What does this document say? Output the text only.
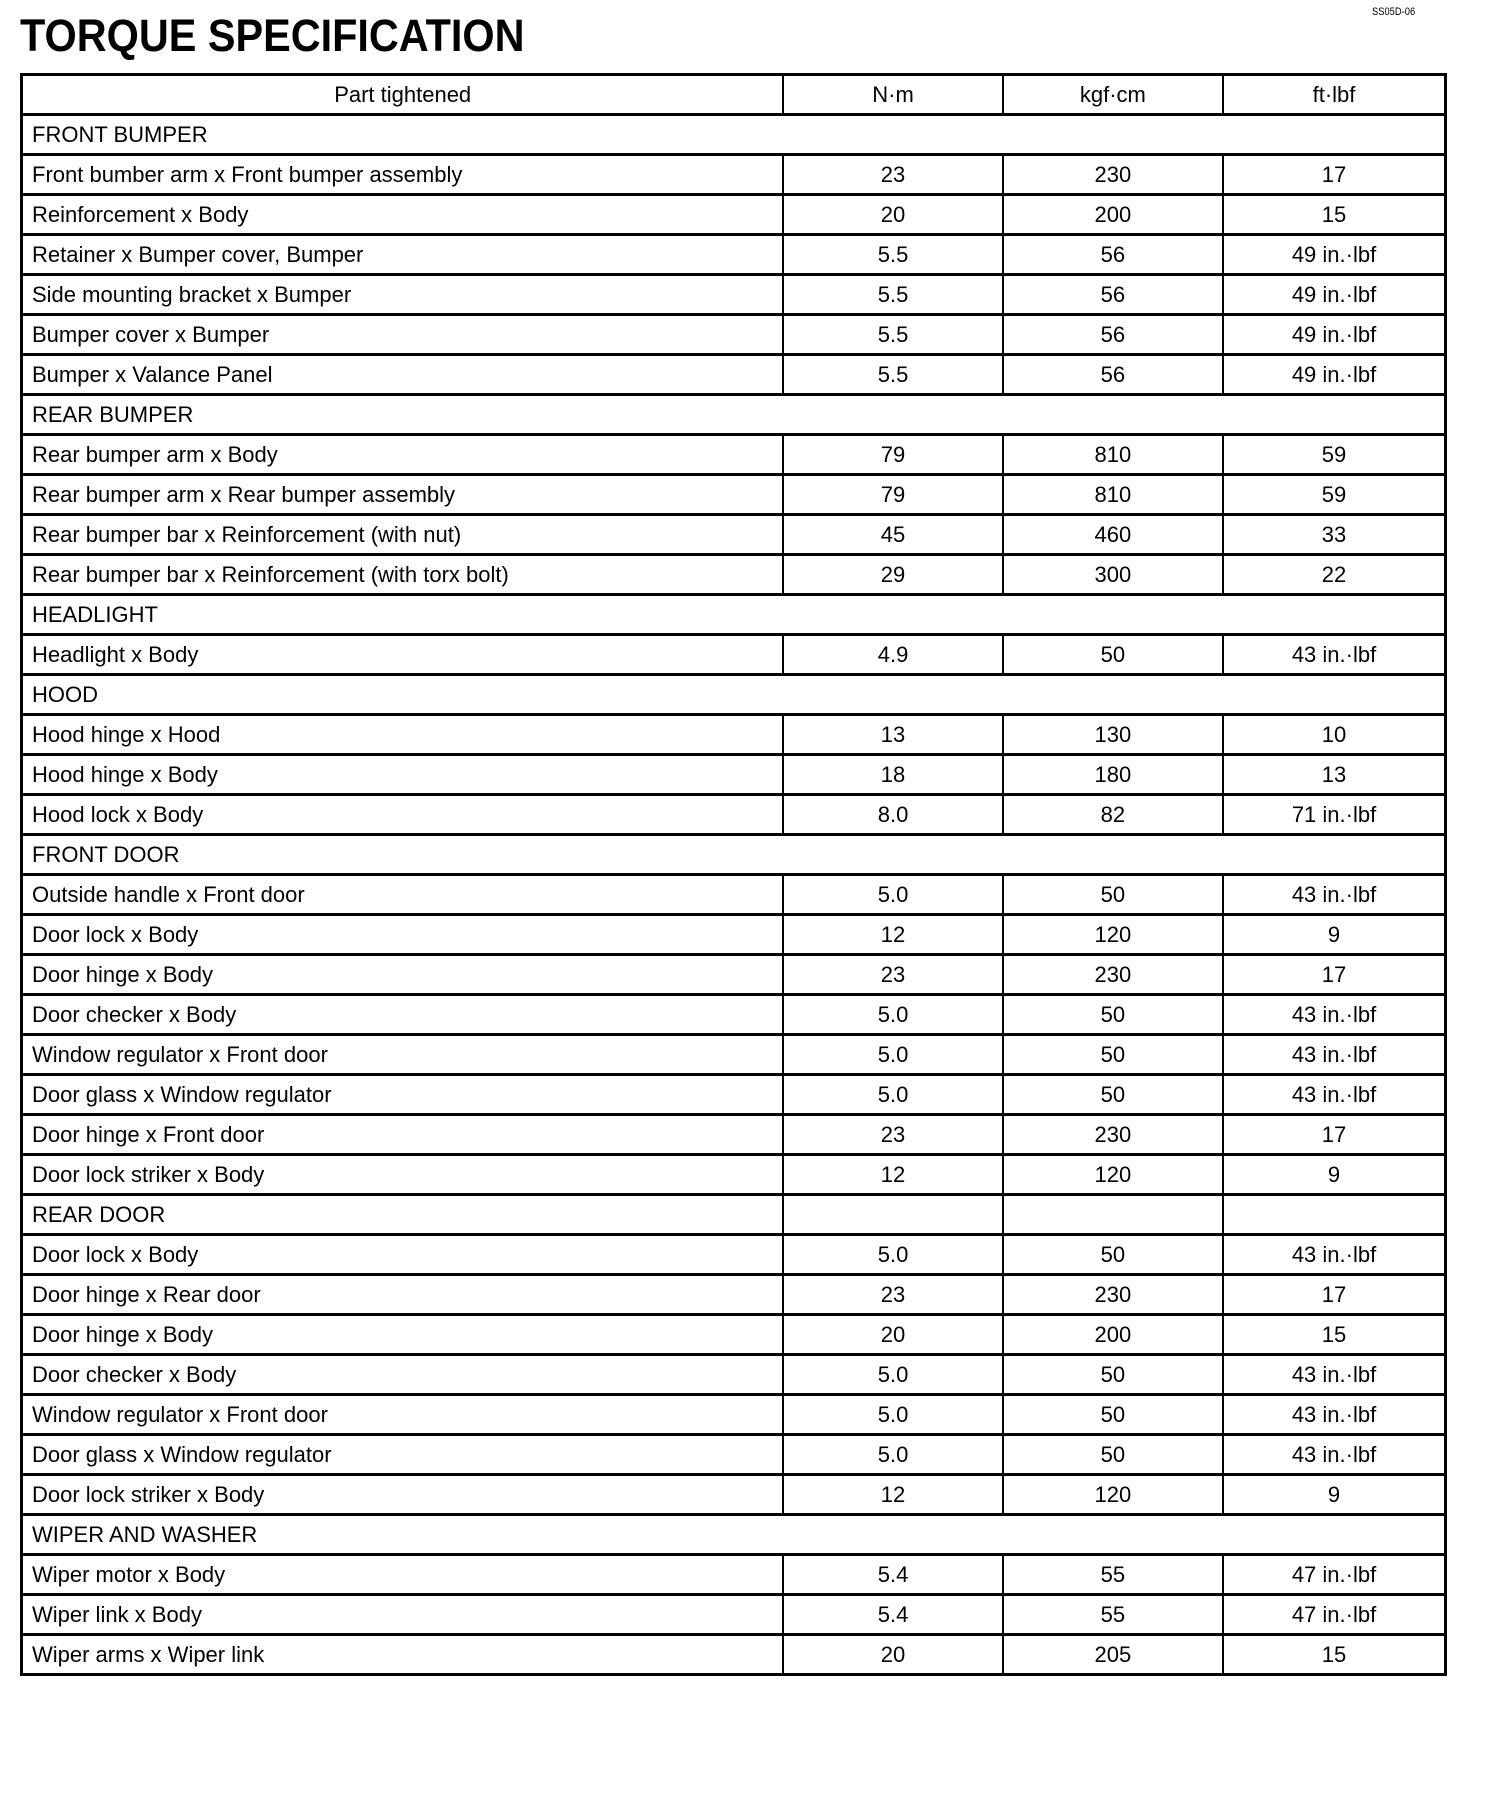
SS05D-06
TORQUE SPECIFICATION
Part tightened	N·m	kgf·cm	ft·lbf
FRONT BUMPER			
Front bumber arm x Front bumper assembly	23	230	17
Reinforcement x Body	20	200	15
Retainer x Bumper cover, Bumper	5.5	56	49 in.·lbf
Side mounting bracket x Bumper	5.5	56	49 in.·lbf
Bumper cover x Bumper	5.5	56	49 in.·lbf
Bumper x Valance Panel	5.5	56	49 in.·lbf
REAR BUMPER			
Rear bumper arm x Body	79	810	59
Rear bumper arm x Rear bumper assembly	79	810	59
Rear bumper bar x Reinforcement (with nut)	45	460	33
Rear bumper bar x Reinforcement (with torx bolt)	29	300	22
HEADLIGHT			
Headlight x Body	4.9	50	43 in.·lbf
HOOD			
Hood hinge x Hood	13	130	10
Hood hinge x Body	18	180	13
Hood lock x Body	8.0	82	71 in.·lbf
FRONT DOOR			
Outside handle x Front door	5.0	50	43 in.·lbf
Door lock x Body	12	120	9
Door hinge x Body	23	230	17
Door checker x Body	5.0	50	43 in.·lbf
Window regulator x Front door	5.0	50	43 in.·lbf
Door glass x Window regulator	5.0	50	43 in.·lbf
Door hinge x Front door	23	230	17
Door lock striker x Body	12	120	9
REAR DOOR			
Door lock x Body	5.0	50	43 in.·lbf
Door hinge x Rear door	23	230	17
Door hinge x Body	20	200	15
Door checker x Body	5.0	50	43 in.·lbf
Window regulator x Front door	5.0	50	43 in.·lbf
Door glass x Window regulator	5.0	50	43 in.·lbf
Door lock striker x Body	12	120	9
WIPER AND WASHER			
Wiper motor x Body	5.4	55	47 in.·lbf
Wiper link x Body	5.4	55	47 in.·lbf
Wiper arms x Wiper link	20	205	15
